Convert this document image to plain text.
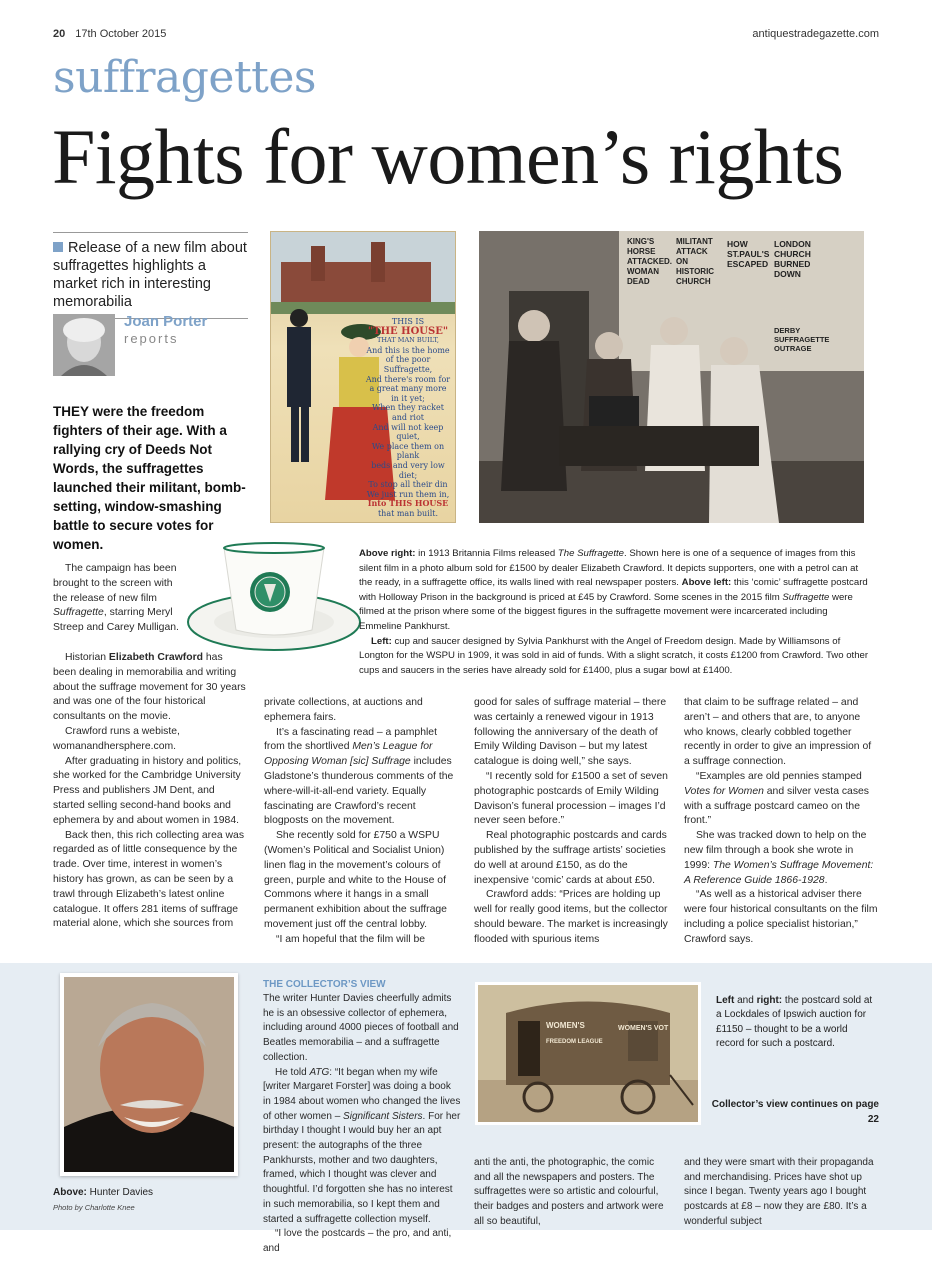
20 17th October 2015	antiquestradegazette.com
suffragettes
Fights for women’s rights
Release of a new film about suffragettes highlights a market rich in interesting memorabilia
Joan Porter
reports
THEY were the freedom fighters of their age. With a rallying cry of Deeds Not Words, the suffragettes launched their militant, bomb-setting, window-smashing battle to secure votes for women.
THIS IS
"THE HOUSE"
THAT MAN BUILT,
And this is the home
of the poor Suffragette,
And there's room for
a great many more
in it yet;
When they racket
and riot
And will not keep quiet,
We place them on plank
beds and very low diet;
To stop all their din
We just run them in,
Into THIS HOUSE
that man built.
KING'S HORSE ATTACKED. WOMAN DEAD
MILITANT ATTACK ON HISTORIC CHURCH
HOW ST.PAUL'S ESCAPED
LONDON CHURCH BURNED DOWN
DERBY SUFFRAGETTE OUTRAGE
Above right: in 1913 Britannia Films released The Suffragette. Shown here is one of a sequence of images from this silent film in a photo album sold for £1500 by dealer Elizabeth Crawford. It depicts supporters, one with a petrol can at the ready, in a suffragette office, its walls lined with real newspaper posters. Above left: this ‘comic’ suffragette postcard with Holloway Prison in the background is priced at £45 by Crawford. Some scenes in the 2015 film Suffragette were filmed at the prison where some of the biggest figures in the suffragette movement were incarcerated including Emmeline Pankhurst.
Left: cup and saucer designed by Sylvia Pankhurst with the Angel of Freedom design. Made by Williamsons of Longton for the WSPU in 1909, it was sold in aid of funds. With a slight scratch, it costs £1200 from Crawford. Two other cups and saucers in the series have already sold for £1400, plus a sugar bowl at £1400.

The campaign has been brought to the screen with the release of new film Suffragette, starring Meryl Streep and Carey Mulligan.

Historian Elizabeth Crawford has been dealing in memorabilia and writing about the suffrage movement for 30 years and was one of the four historical consultants on the movie.

Crawford runs a webiste, womanandhersphere.com.

After graduating in history and politics, she worked for the Cambridge University Press and publishers JM Dent, and started selling second-hand books and ephemera by and about women in 1984.

Back then, this rich collecting area was regarded as of little consequence by the trade. Over time, interest in women’s history has grown, as can be seen by a trawl through Elizabeth’s latest online catalogue. It offers 281 items of suffrage material alone, which she sources from

private collections, at auctions and ephemera fairs.

It’s a fascinating read – a pamphlet from the shortlived Men’s League for Opposing Woman [sic] Suffrage includes Gladstone’s thunderous comments of the where-will-it-all-end variety. Equally fascinating are Crawford’s recent blogposts on the movement.

She recently sold for £750 a WSPU (Women’s Political and Socialist Union) linen flag in the movement’s colours of green, purple and white to the House of Commons where it hangs in a small permanent exhibition about the suffrage movement just off the central lobby.

“I am hopeful that the film will be

good for sales of suffrage material – there was certainly a renewed vigour in 1913 following the anniversary of the death of Emily Wilding Davison – but my latest catalogue is doing well,” she says.

“I recently sold for £1500 a set of seven photographic postcards of Emily Wilding Davison’s funeral procession – images I’d never seen before.”

Real photographic postcards and cards published by the suffrage artists’ societies do well at around £150, as do the inexpensive ‘comic’ cards at about £50.

Crawford adds: “Prices are holding up well for really good items, but the collector should beware. The market is increasingly flooded with spurious items

that claim to be suffrage related – and aren’t – and others that are, to anyone who knows, clearly cobbled together recently in order to give an impression of a suffrage connection.

“Examples are old pennies stamped Votes for Women and silver vesta cases with a suffrage postcard cameo on the front.”

She was tracked down to help on the new film through a book she wrote in 1999: The Women’s Suffrage Movement: A Reference Guide 1866-1928.

“As well as a historical adviser there were four historical consultants on the film including a police specialist historian,” Crawford says.

Above: Hunter Davies
Photo by Charlotte Knee
THE COLLECTOR’S VIEW

The writer Hunter Davies cheerfully admits he is an obsessive collector of ephemera, including around 4000 pieces of football and Beatles memorabilia – and a suffragette collection.

He told ATG: “It began when my wife [writer Margaret Forster] was doing a book in 1984 about women who changed the lives of other women – Significant Sisters. For her birthday I thought I would buy her an apt present: the autographs of the three Pankhursts, mother and two daughters, framed, which I thought was clever and thoughtful. I’d forgotten she has no interest in such memorabilia, so I kept them and started a suffragette collection myself.

“I love the postcards – the pro, and anti, and

WOMEN'S
FREEDOM LEAGUE
WOMEN'S VOT
Left and right: the postcard sold at a Lockdales of Ipswich auction for £1150 – thought to be a world record for such a postcard.
Collector’s view continues on page 22

anti the anti, the photographic, the comic and all the newspapers and posters. The suffragettes were so artistic and colourful, their badges and posters and artwork were all so beautiful,

and they were smart with their propaganda and merchandising. Prices have shot up since I began. Twenty years ago I bought postcards at £8 – now they are £80. It’s a wonderful subject
